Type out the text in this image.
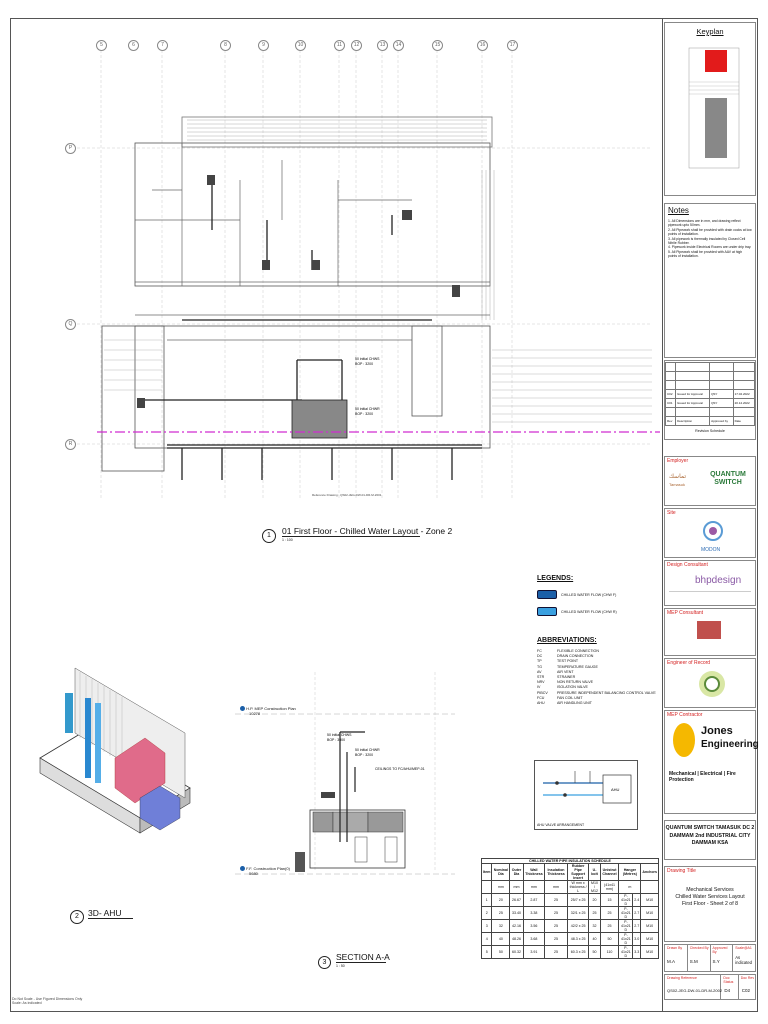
50 initial CHWS
BOP : 3200
50 initial CHWR
BOP : 3200
Reference Drawing : QS02-JEG-DW-01-DR-M-2001
5	6	7	8	9	10	11	12	13	14	15	16	17
P
Q
R
1	01 First Floor - Chilled Water Layout - Zone 2
1 : 100
2	3D- AHU
50 initial CHWS
BOP : 3000
50 initial CHWR
BOP : 3200
CEILINGS TO FC/AHU/MEP-01
H.P. MEP Construction Plan
10278
F.F. Construction Plan(0)
5680
3
SECTION A-A
1 : 50
LEGENDS:
CHILLED WATER FLOW (CHW F)
CHILLED WATER FLOW (CHW R)
ABBREVIATIONS:
FC	FLEXIBLE CONNECTION
DC	DRAIN CONNECTION
TP	TEST POINT
TG	TEMPERATURE GAUGE
AV	AIR VENT
STR	STRAINER
NRV	NON RETURN VALVE
IV	ISOLATION VALVE
PIBCV	PRESSURE INDEPENDENT BALANCING CONTROL VALVE
FCU	FAN COIL UNIT
AHU	AIR HANDLING UNIT
AHU
AHU VALVE ARRANGEMENT
CHILLED WATER PIPE INSULATION SCHEDULE
Item	Nominal Dia	Outer Dia	Wall Thickness	Insulation Thickness	Rubber Pipe Support Insert	U-bolt	Unistrut Channel	Hanger (Metres)		Anchors
	mm	mm	mm	mm	W mm x thickness / L	M10 / M12	(41x41 mm)	m		
1	20	26.67	2.87	25	25/7 x 25	20	15	P-41x21 D	2.4	M10
2	25	33.40	3.38	25	32/1 x 25	25	25	P-41x21 D	2.7	M10
3	32	42.16	3.56	25	42/2 x 25	32	25	P-41x21 D	2.7	M10
4	40	48.26	3.68	25	48.3 x 25	40	50	P-41x21 D	3.0	M10
5	50	60.32	3.91	25	60.3 x 25	50	110	P-41x21 D	3.3	M10
Do Not Scale - Use Figured Dimensions Only
Scale: As indicated
Keyplan
Notes
1. All Dimensions are in mm, and drawing reflect pipework upto 50mm.
2. All Pipework shall be provided with drain cocks at low points of installation.
3. All pipework is thermally insulated by Closed Cell Nitrile Rubber.
4. Pipework inside Electrical Rooms are under drip tray.
5. All Pipework shall be provided with AAV at high points of installation.

C02	Issued for Approval	QSY	17.02.2022
C01	Issued for Approval	QSY	20.12.2022

Rev	Description	Approved by	Date
Revision Schedule
Employer
تماسك
Tamasuk
QUANTUM SWITCH
Site
MODON
Design Consultant
bhpdesign
MEP Consultant
Engineer of Record
MEP Contractor
Jones
Engineering
Mechanical | Electrical | Fire Protection
QUANTUM SWITCH TAMASUK DC 2
DAMMAM 2nd INDUSTRIAL CITY
DAMMAM KSA
Drawing Title
Mechanical Services
Chilled Water Services Layout
First Floor - Sheet 2 of 8
Drawn By
M.A
Checked By
S.M
Approved By
S.Y
Scale@A1
As indicated
Drawing Reference
QS02-JEG-DW-01-DR-M-2002
Doc Status
D4
Doc Rev
C02
